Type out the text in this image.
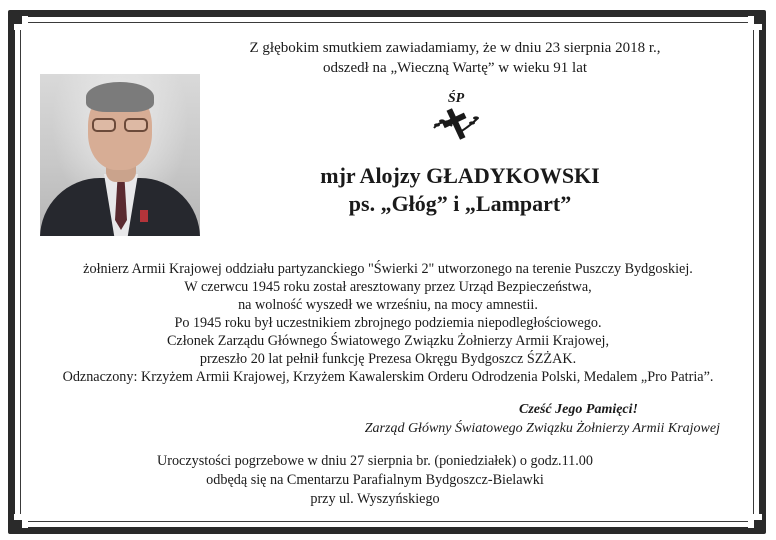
Z głębokim smutkiem zawiadamiamy, że w dniu 23 sierpnia 2018 r.,

odszedł na „Wieczną Wartę” w wieku 91 lat

ŚP

mjr Alojzy GŁADYKOWSKI

ps. „Głóg” i „Lampart”

żołnierz Armii Krajowej oddziału partyzanckiego "Świerki 2" utworzonego na terenie Puszczy Bydgoskiej.

W czerwcu 1945 roku został aresztowany przez Urząd Bezpieczeństwa,

na wolność wyszedł we wrześniu, na mocy amnestii.

Po 1945 roku był uczestnikiem zbrojnego podziemia niepodległościowego.

Członek Zarządu Głównego Światowego Związku Żołnierzy Armii Krajowej,

przeszło 20 lat pełnił funkcję Prezesa Okręgu Bydgoszcz ŚZŻAK.

Odznaczony: Krzyżem Armii Krajowej, Krzyżem Kawalerskim Orderu Odrodzenia Polski, Medalem „Pro Patria”.

Cześć Jego Pamięci!

Zarząd Główny Światowego Związku Żołnierzy Armii Krajowej

Uroczystości pogrzebowe w dniu 27 sierpnia br. (poniedziałek) o godz.11.00

odbędą się na Cmentarzu Parafialnym Bydgoszcz-Bielawki

przy ul. Wyszyńskiego
